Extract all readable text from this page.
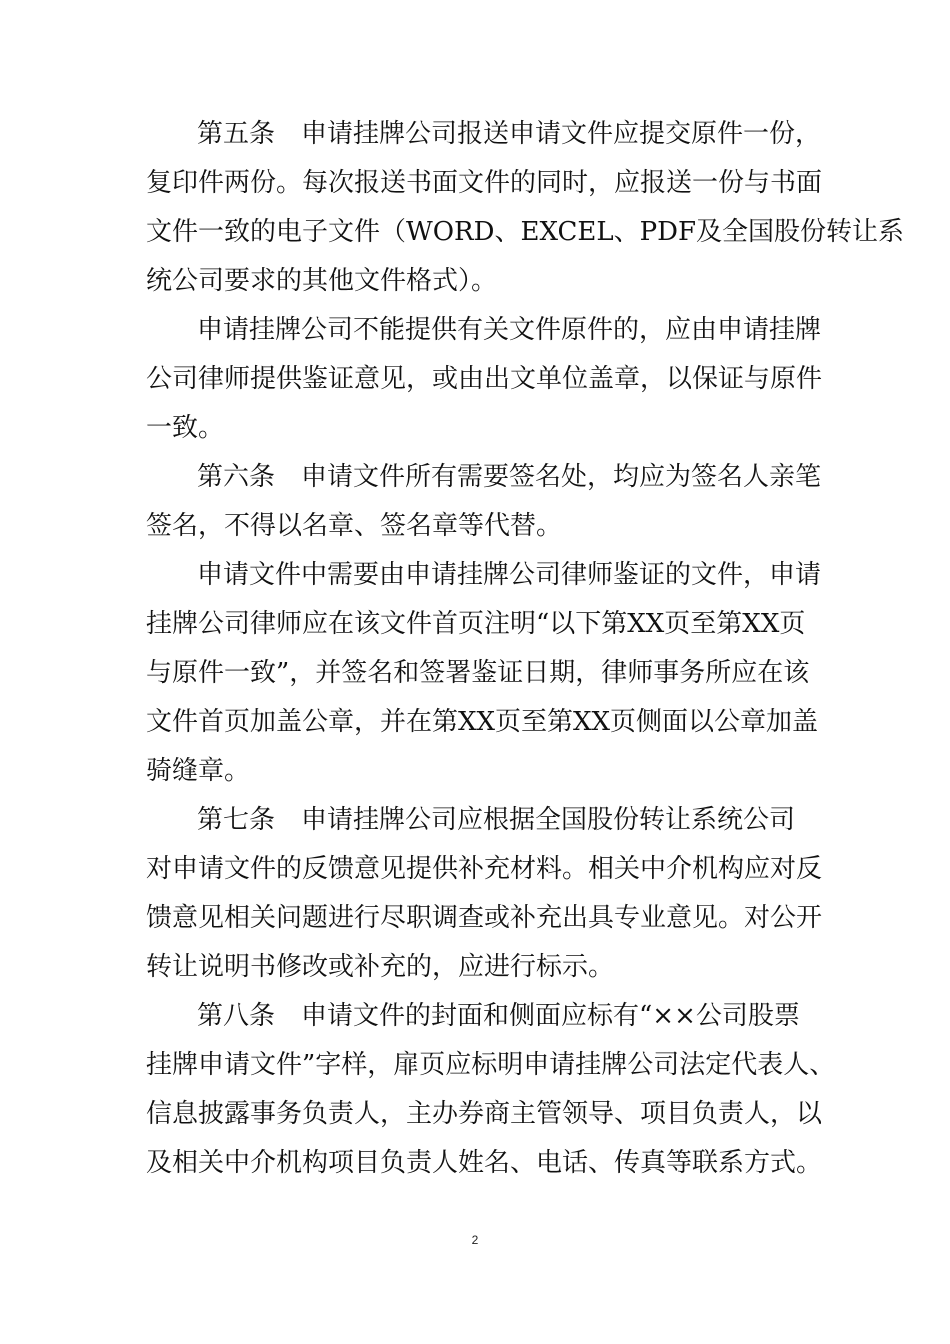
第五条　申请挂牌公司报送申请文件应提交原件一份，
复印件两份。每次报送书面文件的同时，应报送一份与书面
文件一致的电子文件（WORD、EXCEL、PDF及全国股份转让系
统公司要求的其他文件格式）。
申请挂牌公司不能提供有关文件原件的，应由申请挂牌
公司律师提供鉴证意见，或由出文单位盖章，以保证与原件
一致。
第六条　申请文件所有需要签名处，均应为签名人亲笔
签名，不得以名章、签名章等代替。
申请文件中需要由申请挂牌公司律师鉴证的文件，申请
挂牌公司律师应在该文件首页注明“以下第XX页至第XX页
与原件一致”，并签名和签署鉴证日期，律师事务所应在该
文件首页加盖公章，并在第XX页至第XX页侧面以公章加盖
骑缝章。
第七条　申请挂牌公司应根据全国股份转让系统公司
对申请文件的反馈意见提供补充材料。相关中介机构应对反
馈意见相关问题进行尽职调查或补充出具专业意见。对公开
转让说明书修改或补充的，应进行标示。
第八条　申请文件的封面和侧面应标有“××公司股票
挂牌申请文件”字样，扉页应标明申请挂牌公司法定代表人、
信息披露事务负责人，主办券商主管领导、项目负责人，以
及相关中介机构项目负责人姓名、电话、传真等联系方式。
2
